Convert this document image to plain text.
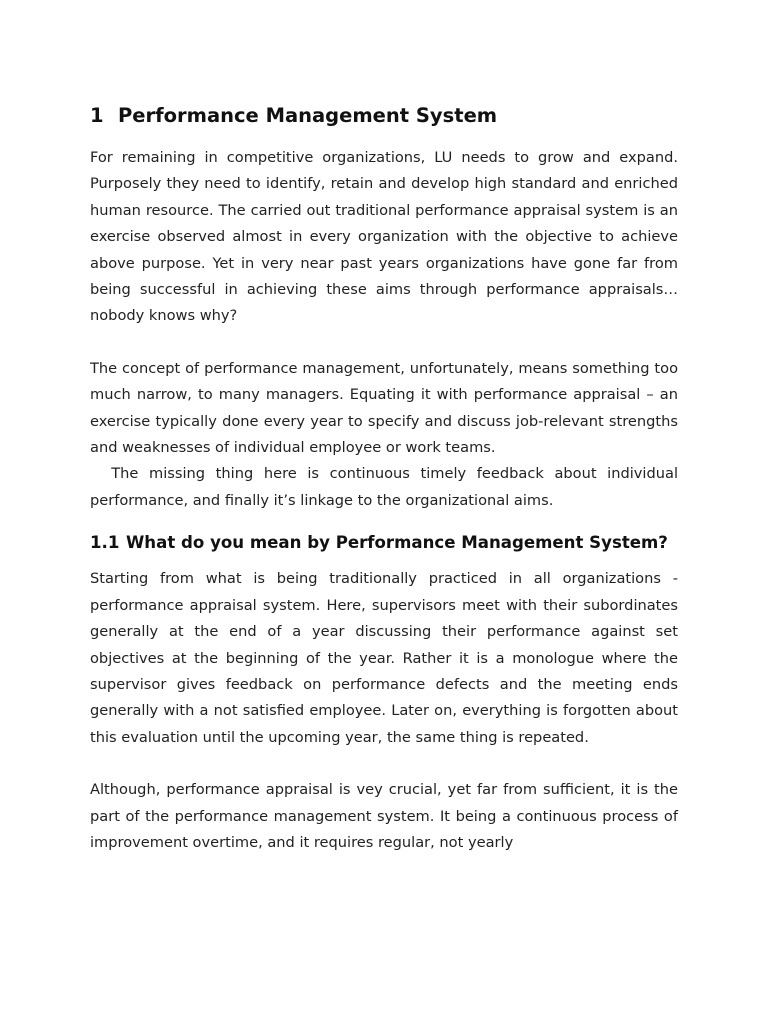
1 Performance Management System

For remaining in competitive organizations, LU needs to grow and expand. Purposely they need to identify, retain and develop high standard and enriched human resource. The carried out traditional performance appraisal system is an exercise observed almost in every organization with the objective to achieve above purpose. Yet in very near past years organizations have gone far from being successful in achieving these aims through performance appraisals… nobody knows why?

The concept of performance management, unfortunately, means something too much narrow, to many managers. Equating it with performance appraisal – an exercise typically done every year to specify and discuss job-relevant strengths and weaknesses of individual employee or work teams.

The missing thing here is continuous timely feedback about individual performance, and finally it’s linkage to the organizational aims.

1.1 What do you mean by Performance Management System?

Starting from what is being traditionally practiced in all organizations - performance appraisal system. Here, supervisors meet with their subordinates generally at the end of a year discussing their performance against set objectives at the beginning of the year. Rather it is a monologue where the supervisor gives feedback on performance defects and the meeting ends generally with a not satisfied employee. Later on, everything is forgotten about this evaluation until the upcoming year, the same thing is repeated.

Although, performance appraisal is vey crucial, yet far from sufficient, it is the part of the performance management system. It being a continuous process of improvement overtime, and it requires regular, not yearly
